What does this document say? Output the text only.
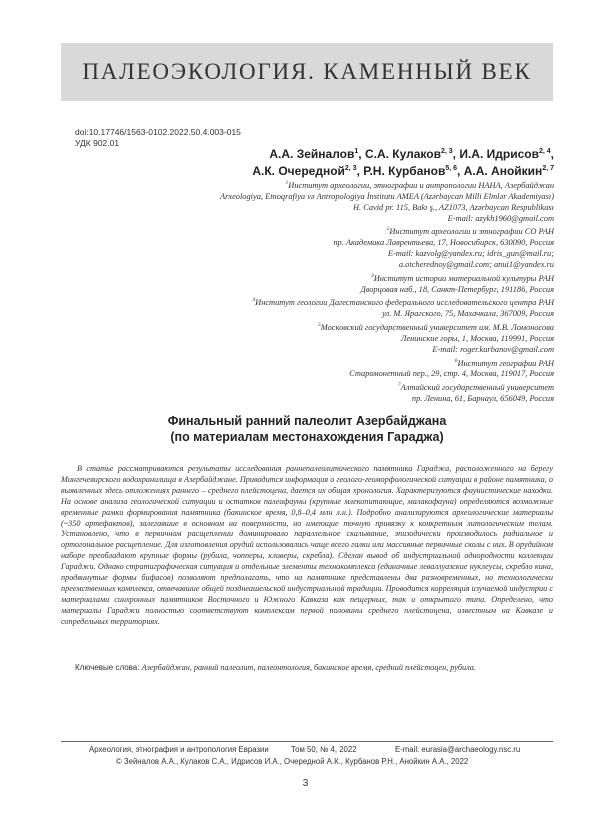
ПАЛЕОЭКОЛОГИЯ. КАМЕННЫЙ ВЕК
doi:10.17746/1563-0102.2022.50.4.003-015
УДК 902.01
А.А. Зейналов$^1$, С.А. Кулаков$^{2, 3}$, И.А. Идрисов$^{2, 4}$,
А.К. Очередной$^{2, 3}$, Р.Н. Курбанов$^{5, 6}$, А.А. Анойкин$^{2, 7}$
$^1$Институт археологии, этнографии и антропологии НАНА, Азербайджан
Arxeologiya, Etnoqrafiya və Antropologiya İnstitutu AMEA (Azərbaycan Milli Elmlər Akademiyası)
H. Cavid pr. 115, Bakı ş., AZ1073, Azərbaycan Respublikası
E-mail: azykh1960@gmail.com
$^2$Институт археологии и этнографии СО РАН
пр. Академика Лаврентьева, 17, Новосибирск, 630090, Россия
E-mail: kazvolg@yandex.ru; idris_gun@mail.ru;
a.otcherednoy@gmail.com; anui1@yandex.ru
$^3$Институт истории материальной культуры РАН
Дворцовая наб., 18, Санкт-Петербург, 191186, Россия
$^4$Институт геологии Дагестанского федерального исследовательского центра РАН
ул. М. Ярагского, 75, Махачкала, 367009, Россия
$^5$Московский государственный университет им. М.В. Ломоносова
Ленинские горы, 1, Москва, 119991, Россия
E-mail: roger.kurbanov@gmail.com
$^6$Институт географии РАН
Старомонетный пер., 29, стр. 4, Москва, 119017, Россия
$^7$Алтайский государственный университет
пр. Ленина, 61, Барнаул, 656049, Россия
Финальный ранний палеолит Азербайджана
(по материалам местонахождения Гараджа)
В статье рассматриваются результаты исследования раннепалеолитического памятника Гараджа, расположенного на берегу Мингечевирского водохранилища в Азербайджане. Приводится информация о геолого-геоморфологической ситуации в районе памятника, о выявленных здесь отложениях раннего – среднего плейстоцена, дается их общая хронология. Характеризуются фаунистические находки. На основе анализа геологической ситуации и остатков палеофауны (крупные млекопитающие, малакофауна) определяются возможные временные рамки формирования памятника (бакинское время, 0,8–0,4 млн л.н.). Подробно анализируются археологические материалы (~350 артефактов), залегавшие в основном на поверхности, но имеющие точную привязку к конкретным литологическим телам. Установлено, что в первичном расщеплении доминировало параллельное скалывание, эпизодически производилось радиальное и ортогональное расщепление. Для изготовления орудий использовались чаще всего галки или массивные первичные сколы с них. В орудийном наборе преобладают крупные формы (рубила, чопперы, кливеры, скребла). Сделан вывод об индустриальной однородности коллекции Гараджи. Однако стратиграфическая ситуация и отдельные элементы технокомплекса (единичные леваллуазские нуклеусы, скребло кина, продвинутые формы бифасов) позволяют предполагать, что на памятнике представлены два разновременных, но технологически преемственных комплекса, отвечавшие общей позднеашельской индустриальной традиции. Проводится корреляция изучаемой индустрии с материалами синхронных памятников Восточного и Южного Кавказа как пещерных, так и открытого типа. Определено, что материалы Гараджи полностью соответствуют комплексам первой половины среднего плейстоцена, известным на Кавказе и сопредельных территориях.
Ключевые слова: Азербайджан, ранний палеолит, палеонтология, бакинское время, средний плейстоцен, рубила.
Археология, этнография и антропология Евразии	Том 50, № 4, 2022	E-mail: eurasia@archaeology.nsc.ru
© Зейналов А.А., Кулаков С.А., Идрисов И.А., Очередной А.К., Курбанов Р.Н., Анойкин А.А., 2022
3
